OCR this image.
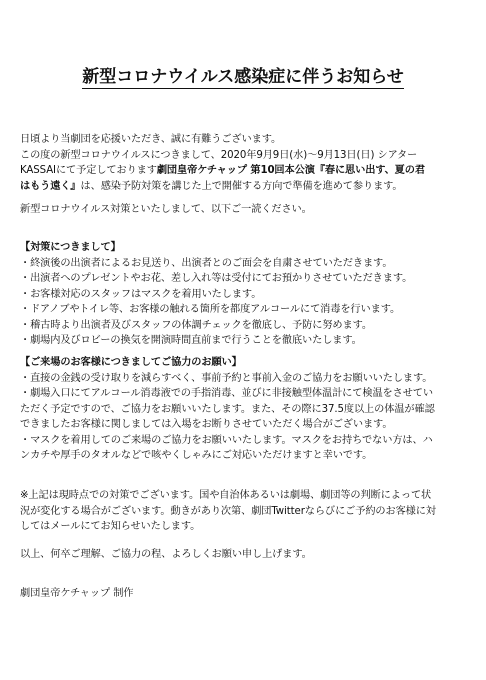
新型コロナウイルス感染症に伴うお知らせ
日頃より当劇団を応援いただき、誠に有難うございます。
この度の新型コロナウイルスにつきまして、2020年9月9日(水)～9月13日(日) シアター
KASSAIにて予定しております劇団皇帝ケチャップ 第10回本公演『春に思い出す、夏の君
はもう遠く』は、感染予防対策を講じた上で開催する方向で準備を進めて参ります。
新型コロナウイルス対策といたしまして、以下ご一読ください。
【対策につきまして】
・終演後の出演者によるお見送り、出演者とのご面会を自粛させていただきます。
・出演者へのプレゼントやお花、差し入れ等は受付にてお預かりさせていただきます。
・お客様対応のスタッフはマスクを着用いたします。
・ドアノブやトイレ等、お客様の触れる箇所を都度アルコールにて消毒を行います。
・稽古時より出演者及びスタッフの体調チェックを徹底し、予防に努めます。
・劇場内及びロビーの換気を開演時間直前まで行うことを徹底いたします。
【ご来場のお客様につきましてご協力のお願い】
・直接の金銭の受け取りを減らすべく、事前予約と事前入金のご協力をお願いいたします。
・劇場入口にてアルコール消毒液での手指消毒、並びに非接触型体温計にて検温をさせてい
ただく予定ですので、ご協力をお願いいたします。また、その際に37.5度以上の体温が確認
できましたお客様に関しましては入場をお断りさせていただく場合がございます。
・マスクを着用してのご来場のご協力をお願いいたします。マスクをお持ちでない方は、ハ
ンカチや厚手のタオルなどで咳やくしゃみにご対応いただけますと幸いです。
※上記は現時点での対策でございます。国や自治体あるいは劇場、劇団等の判断によって状
況が変化する場合がございます。動きがあり次第、劇団Twitterならびにご予約のお客様に対
してはメールにてお知らせいたします。
以上、何卒ご理解、ご協力の程、よろしくお願い申し上げます。
劇団皇帝ケチャップ 制作
